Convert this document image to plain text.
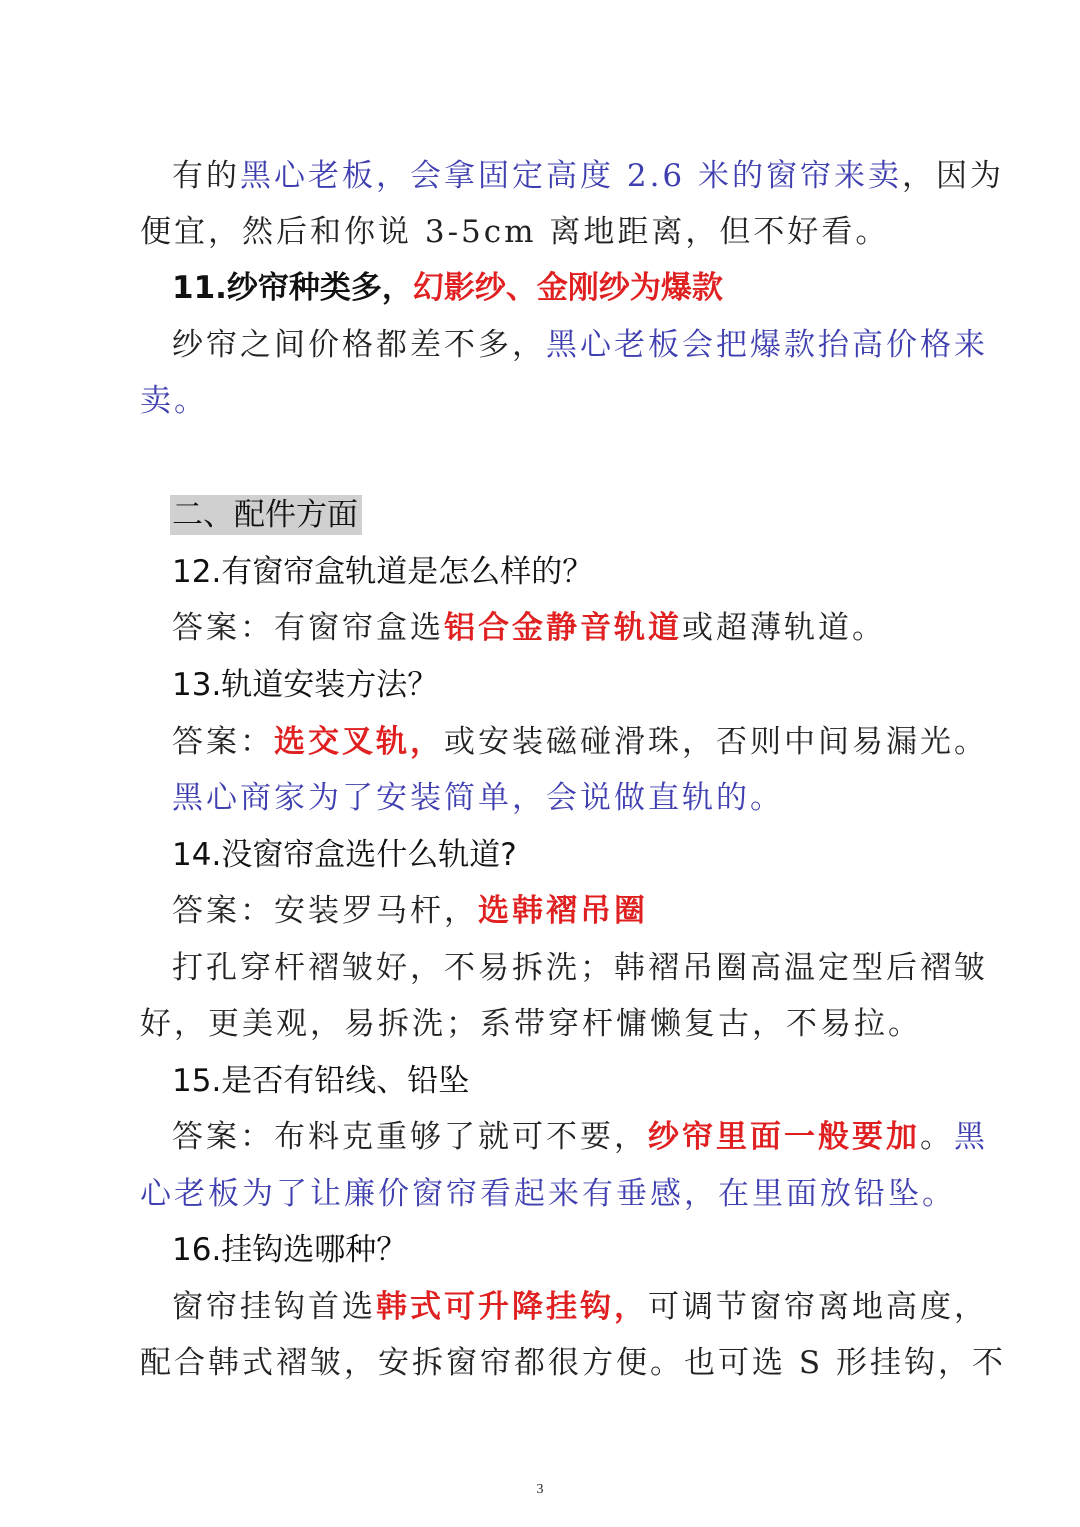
有的黑心老板，会拿固定高度 2.6 米的窗帘来卖，因为
便宜，然后和你说 3-5cm 离地距离，但不好看。
11.纱帘种类多，幻影纱、金刚纱为爆款
纱帘之间价格都差不多，黑心老板会把爆款抬高价格来
卖。
二、配件方面
12.有窗帘盒轨道是怎么样的？
答案：有窗帘盒选铝合金静音轨道或超薄轨道。
13.轨道安装方法？
答案：选交叉轨，或安装磁碰滑珠，否则中间易漏光。
黑心商家为了安装简单，会说做直轨的。
14.没窗帘盒选什么轨道?
答案：安装罗马杆，选韩褶吊圈
打孔穿杆褶皱好，不易拆洗；韩褶吊圈高温定型后褶皱
好，更美观，易拆洗；系带穿杆慵懒复古，不易拉。
15.是否有铅线、铅坠
答案：布料克重够了就可不要，纱帘里面一般要加。黑
心老板为了让廉价窗帘看起来有垂感，在里面放铅坠。
16.挂钩选哪种？
窗帘挂钩首选韩式可升降挂钩，可调节窗帘离地高度，
配合韩式褶皱，安拆窗帘都很方便。也可选 S 形挂钩，不
3
